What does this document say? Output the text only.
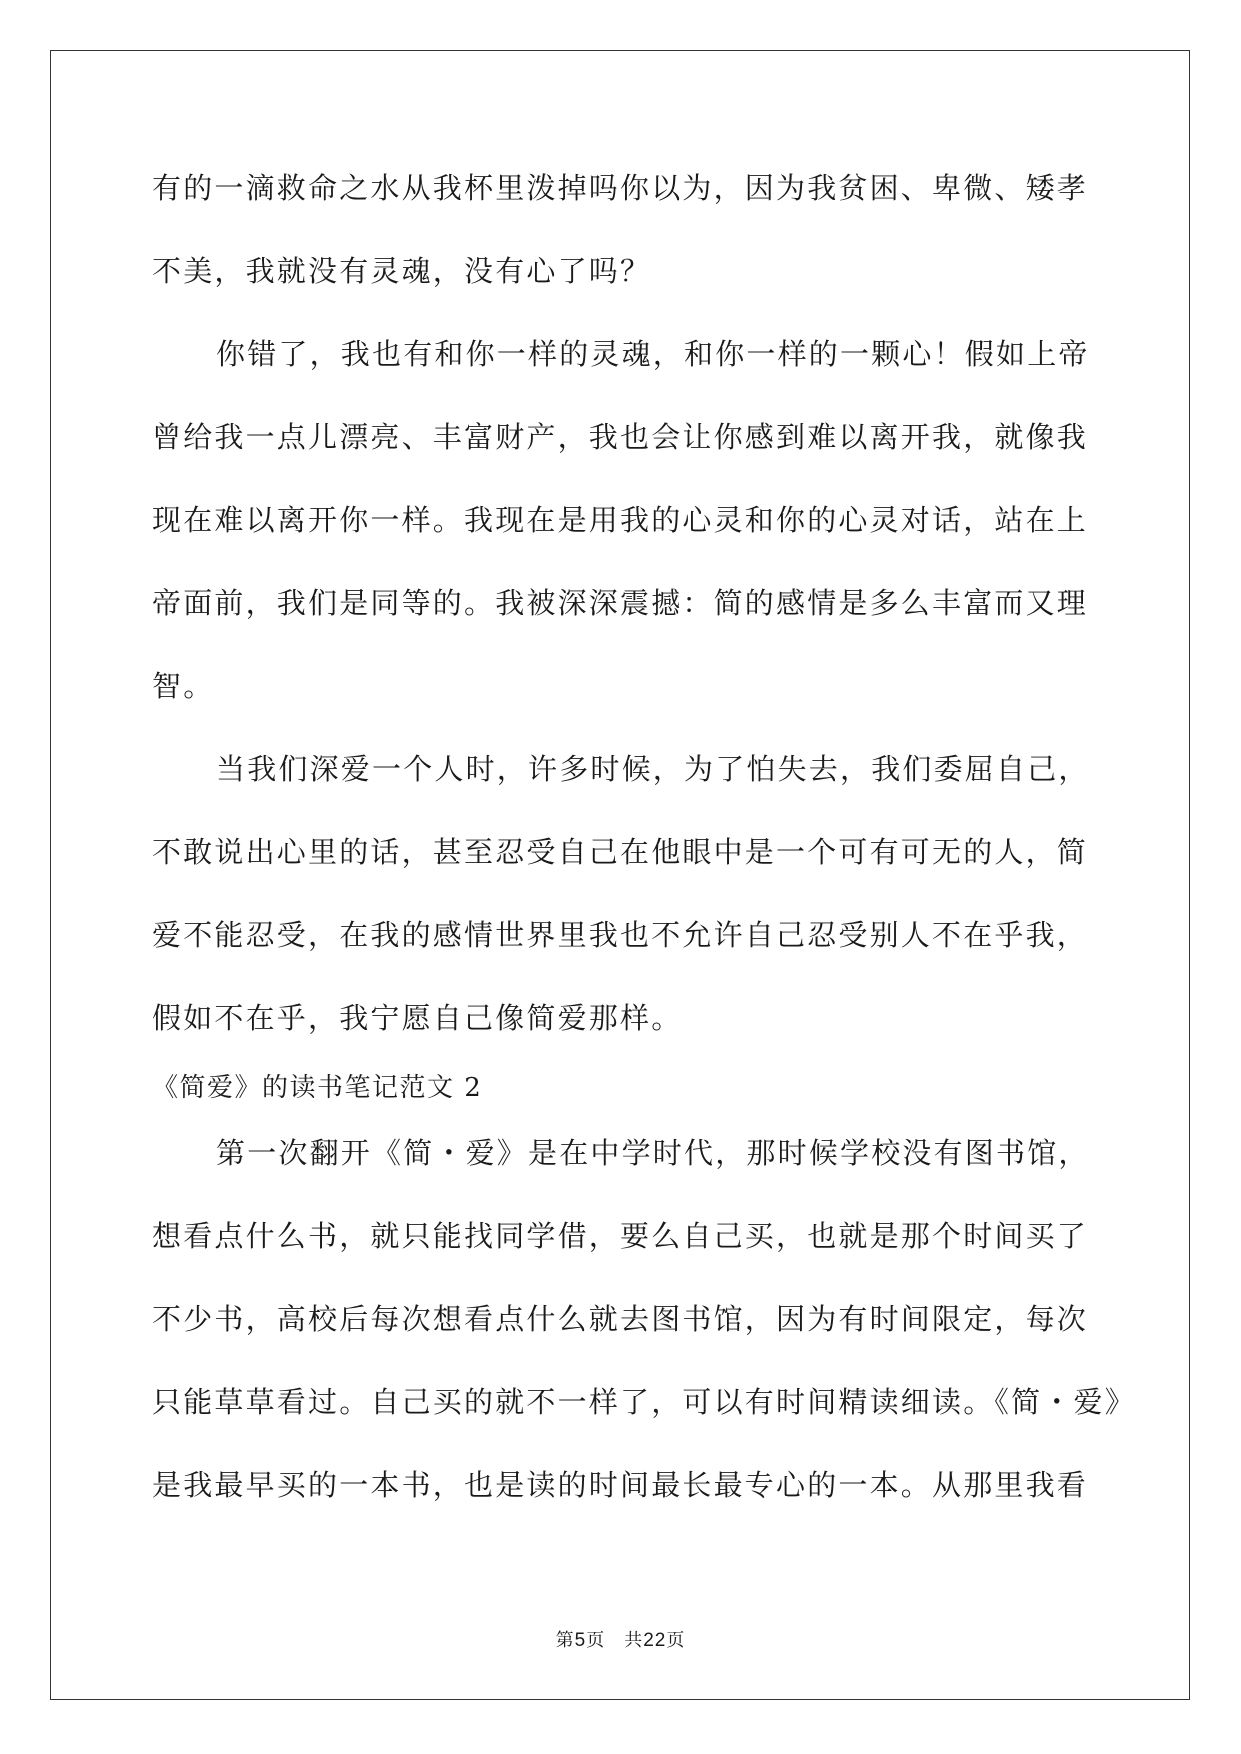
有的一滴救命之水从我杯里泼掉吗你以为，因为我贫困、卑微、矮孝
不美，我就没有灵魂，没有心了吗？
你错了，我也有和你一样的灵魂，和你一样的一颗心！假如上帝
曾给我一点儿漂亮、丰富财产，我也会让你感到难以离开我，就像我
现在难以离开你一样。我现在是用我的心灵和你的心灵对话，站在上
帝面前，我们是同等的。我被深深震撼：简的感情是多么丰富而又理
智。
当我们深爱一个人时，许多时候，为了怕失去，我们委屈自己，
不敢说出心里的话，甚至忍受自己在他眼中是一个可有可无的人，简
爱不能忍受，在我的感情世界里我也不允许自己忍受别人不在乎我，
假如不在乎，我宁愿自己像简爱那样。
《简爱》的读书笔记范文 2
第一次翻开《简・爱》是在中学时代，那时候学校没有图书馆，
想看点什么书，就只能找同学借，要么自己买，也就是那个时间买了
不少书，高校后每次想看点什么就去图书馆，因为有时间限定，每次
只能草草看过。自己买的就不一样了，可以有时间精读细读。《简・爱》
是我最早买的一本书，也是读的时间最长最专心的一本。从那里我看
第5页　共22页
